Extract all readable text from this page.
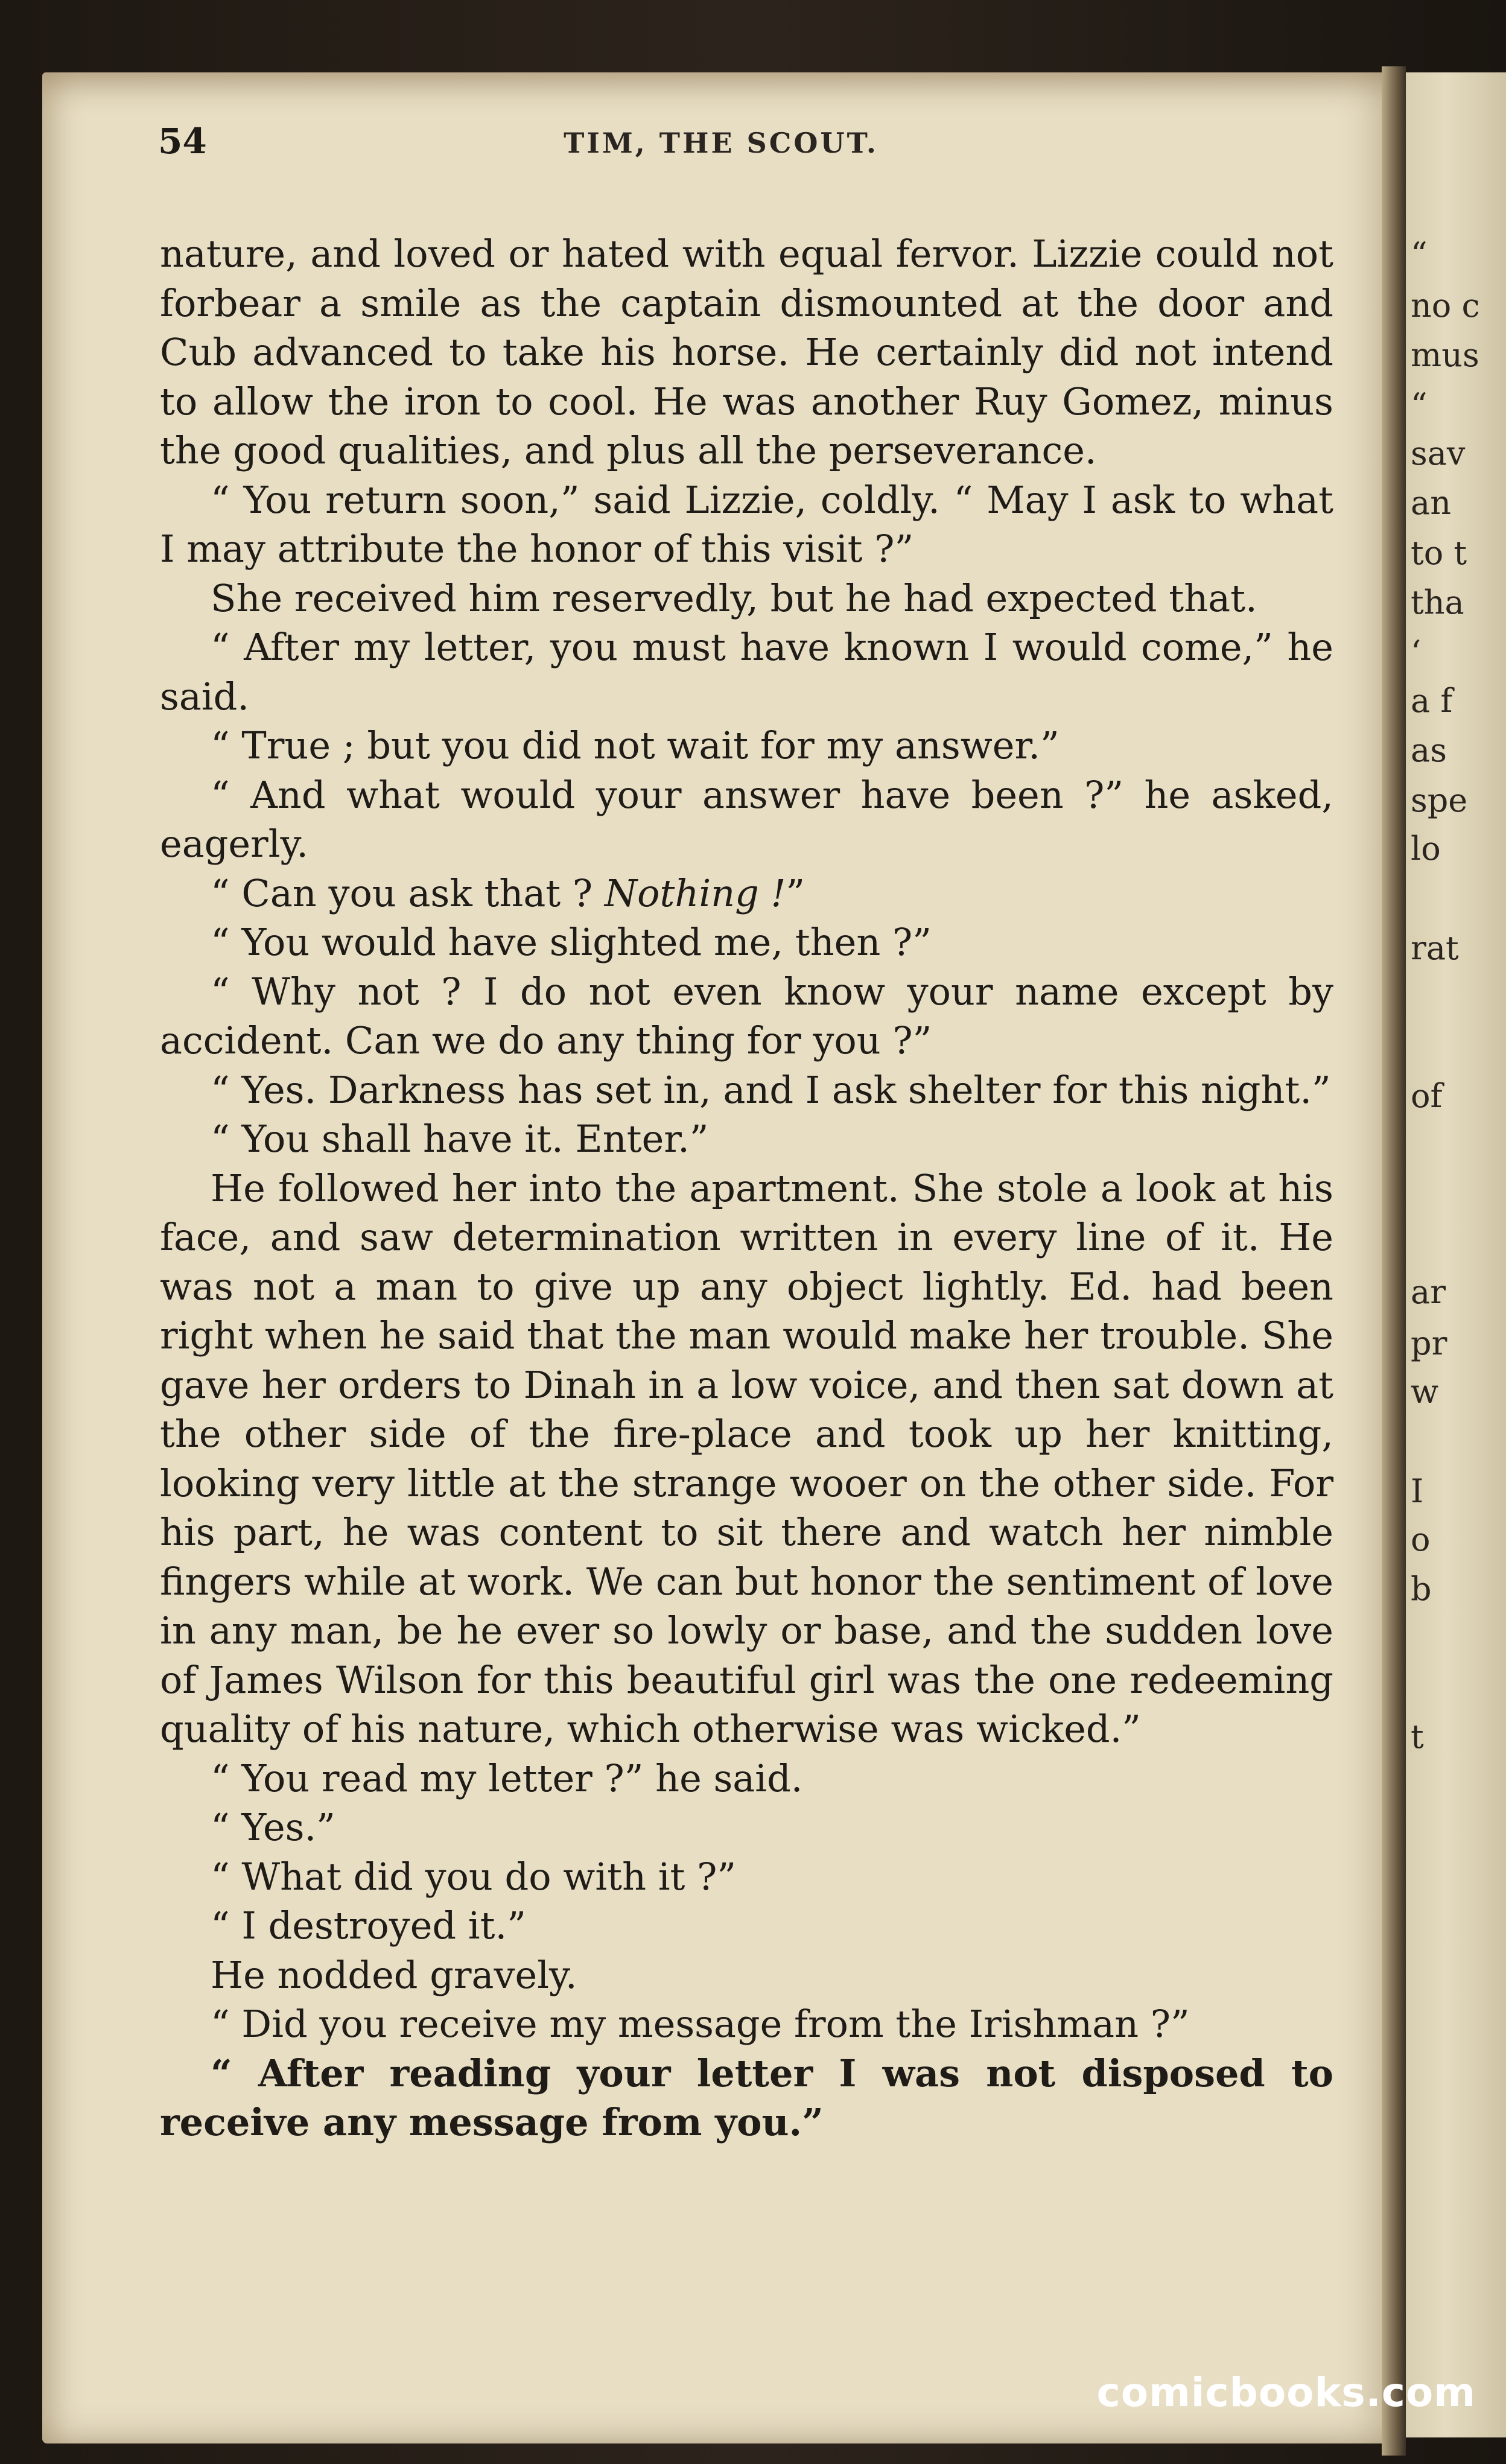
“

no c

mus

“

sav

an

to t

tha

‘

a f

as

spe

lo

rat

of

ar

pr

w

I

o

b

t

54	TIM, THE SCOUT.

nature, and loved or hated with equal fervor. Lizzie could not forbear a smile as the captain dismounted at the door and Cub advanced to take his horse. He certainly did not intend to allow the iron to cool. He was another Ruy Gomez, minus the good qualities, and plus all the perseverance.

“ You return soon,” said Lizzie, coldly. “ May I ask to what I may attribute the honor of this visit ?”

She received him reservedly, but he had expected that.

“ After my letter, you must have known I would come,” he said.

“ True ; but you did not wait for my answer.”

“ And what would your answer have been ?” he asked, eagerly.

“ Can you ask that ? Nothing !”

“ You would have slighted me, then ?”

“ Why not ? I do not even know your name except by accident. Can we do any thing for you ?”

“ Yes. Darkness has set in, and I ask shelter for this night.”

“ You shall have it. Enter.”

He followed her into the apartment. She stole a look at his face, and saw determination written in every line of it. He was not a man to give up any object lightly. Ed. had been right when he said that the man would make her trouble. She gave her orders to Dinah in a low voice, and then sat down at the other side of the fire-place and took up her knitting, looking very little at the strange wooer on the other side. For his part, he was content to sit there and watch her nimble fingers while at work. We can but honor the sentiment of love in any man, be he ever so lowly or base, and the sudden love of James Wilson for this beautiful girl was the one redeeming quality of his nature, which otherwise was wicked.”

“ You read my letter ?” he said.

“ Yes.”

“ What did you do with it ?”

“ I destroyed it.”

He nodded gravely.

“ Did you receive my message from the Irishman ?”

“ After reading your letter I was not disposed to receive any message from you.”

comicbooks.com
